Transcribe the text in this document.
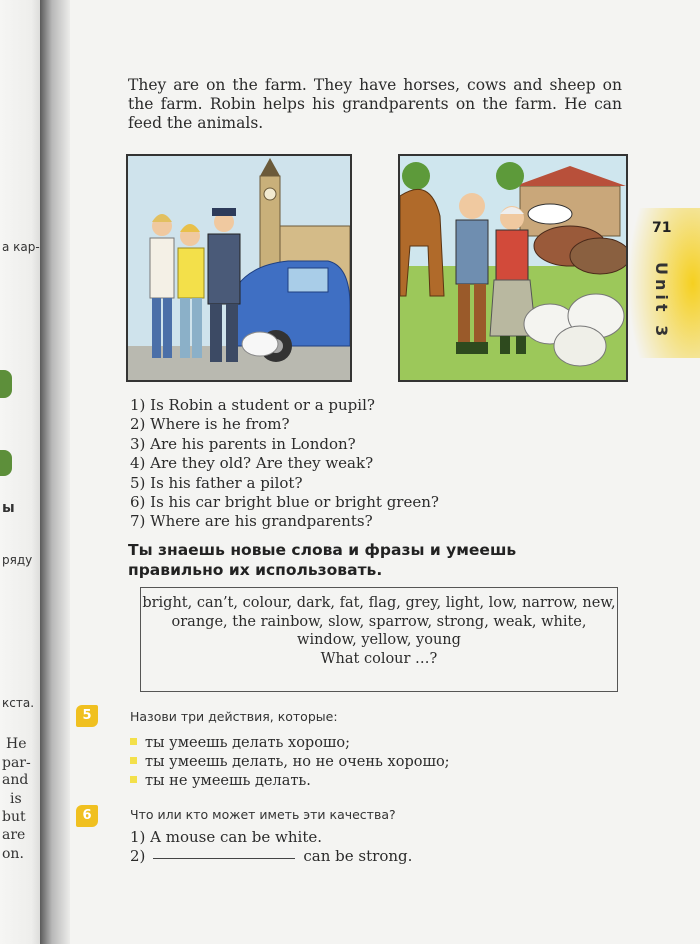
а кар-
ы
ряду
кста.
He
par-
and
is
but
are
on.
They are on the farm. They have horses, cows and sheep on the farm. Robin helps his grandparents on the farm. He can feed the animals.
1) Is Robin a student or a pupil?
2) Where is he from?
3) Are his parents in London?
4) Are they old? Are they weak?
5) Is his father a pilot?
6) Is his car bright blue or bright green?
7) Where are his grandparents?
Ты знаешь новые слова и фразы и умеешь правильно их использовать.
bright, can’t, colour, dark, fat, flag, grey, light, low, narrow, new, orange, the rainbow, slow, sparrow, strong, weak, white, window, yellow, young
What colour …?
5	Назови три действия, которые:
ты умеешь делать хорошо;
ты умеешь делать, но не очень хорошо;
ты не умеешь делать.
6	Что или кто может иметь эти качества?
1) A mouse can be white.
2)	can be strong.
71
Unit 3
